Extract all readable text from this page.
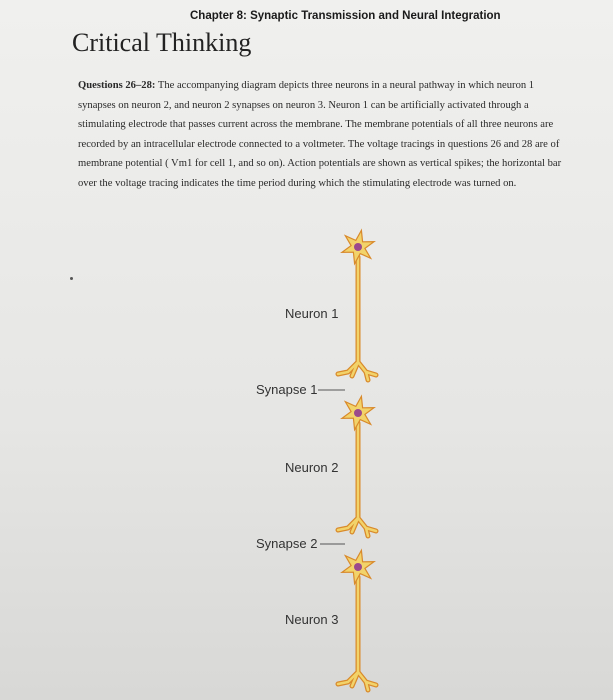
Chapter 8: Synaptic Transmission and Neural Integration
Critical Thinking
Questions 26–28: The accompanying diagram depicts three neurons in a neural pathway in which neuron 1 synapses on neuron 2, and neuron 2 synapses on neuron 3. Neuron 1 can be artificially activated through a stimulating electrode that passes current across the membrane. The membrane potentials of all three neurons are recorded by an intracellular electrode connected to a voltmeter. The voltage tracings in questions 26 and 28 are of membrane potential ( Vm1 for cell 1, and so on). Action potentials are shown as vertical spikes; the horizontal bar over the voltage tracing indicates the time period during which the stimulating electrode was turned on.
Neuron 1
Synapse 1
Neuron 2
Synapse 2
Neuron 3
